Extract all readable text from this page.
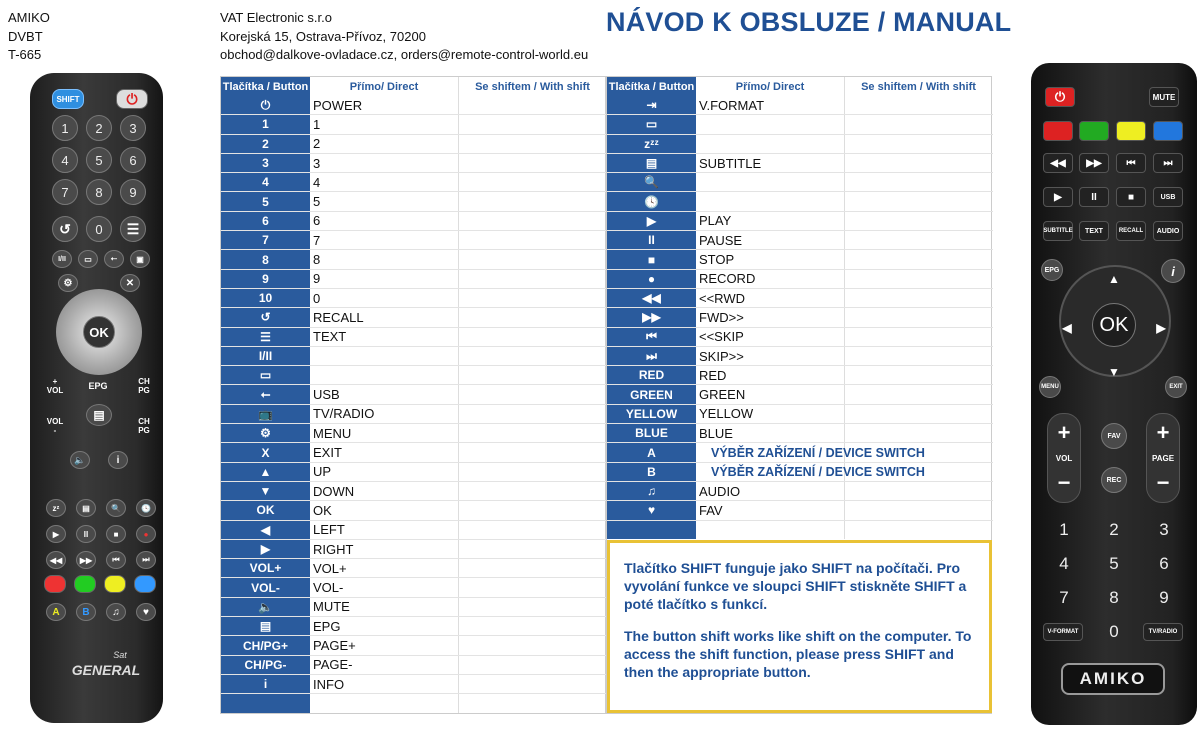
AMIKO
DVBT
T-665
VAT Electronic s.r.o
Korejská 15, Ostrava-Přívoz, 70200
obchod@dalkove-ovladace.cz, orders@remote-control-world.eu
NÁVOD K OBSLUZE / MANUAL
SHIFT	⏻
1	2	3
4	5	6
7	8	9
0
↺	☰
I/II	▭	⭠	▣
⚙	✕
OK
+
VOL	EPG	CH
PG
▤
VOL
-
CH
PG
🔈	i
zᶻ	▤	🔍	🕓
▶	II	■	●
◀◀	▶▶	⏮	⏭
A	B	♫	♥
Sat
GENERAL
Tlačítka / Button	Přímo/ Direct	Se shiftem / With shift
⏻	POWER
1	1
2	2
3	3
4	4
5	5
6	6
7	7
8	8
9	9
10	0
↺	RECALL
☰	TEXT
I/II
▭
⭠	USB
📺	TV/RADIO
⚙	MENU
X	EXIT
▲	UP
▼	DOWN
OK	OK
◀	LEFT
▶	RIGHT
VOL+	VOL+
VOL-	VOL-
🔈	MUTE
▤	EPG
CH/PG+	PAGE+
CH/PG-	PAGE-
i	INFO
Tlačítka / Button	Přímo/ Direct	Se shiftem / With shift
⇥	V.FORMAT
▭
zᶻᶻ
▤	SUBTITLE
🔍
🕓
▶	PLAY
II	PAUSE
■	STOP
●	RECORD
◀◀	<<RWD
▶▶	FWD>>
⏮	<<SKIP
⏭	SKIP>>
RED	RED
GREEN	GREEN
YELLOW	YELLOW
BLUE	BLUE
A	VÝBĚR ZAŘÍZENÍ / DEVICE SWITCH
B	VÝBĚR ZAŘÍZENÍ / DEVICE SWITCH
♫	AUDIO
♥	FAV

Tlačítko SHIFT funguje jako SHIFT na počítači. Pro vyvolání funkce ve sloupci SHIFT stiskněte SHIFT a poté tlačítko s funkcí.

The button shift works like shift on the computer. To access the shift function, please press SHIFT and then the appropriate button.

⏻	MUTE
◀◀	▶▶	⏮	⏭
▶	II	■	USB
SUBTITLE	TEXT	RECALL	AUDIO
EPG	i
▲
▼
◀	▶
OK
MENU	EXIT
+
VOL
−
+
PAGE
−
FAV
REC
1	2	3
4	5	6
7	8	9
0
V-FORMAT	TV/RADIO
AMIKO
